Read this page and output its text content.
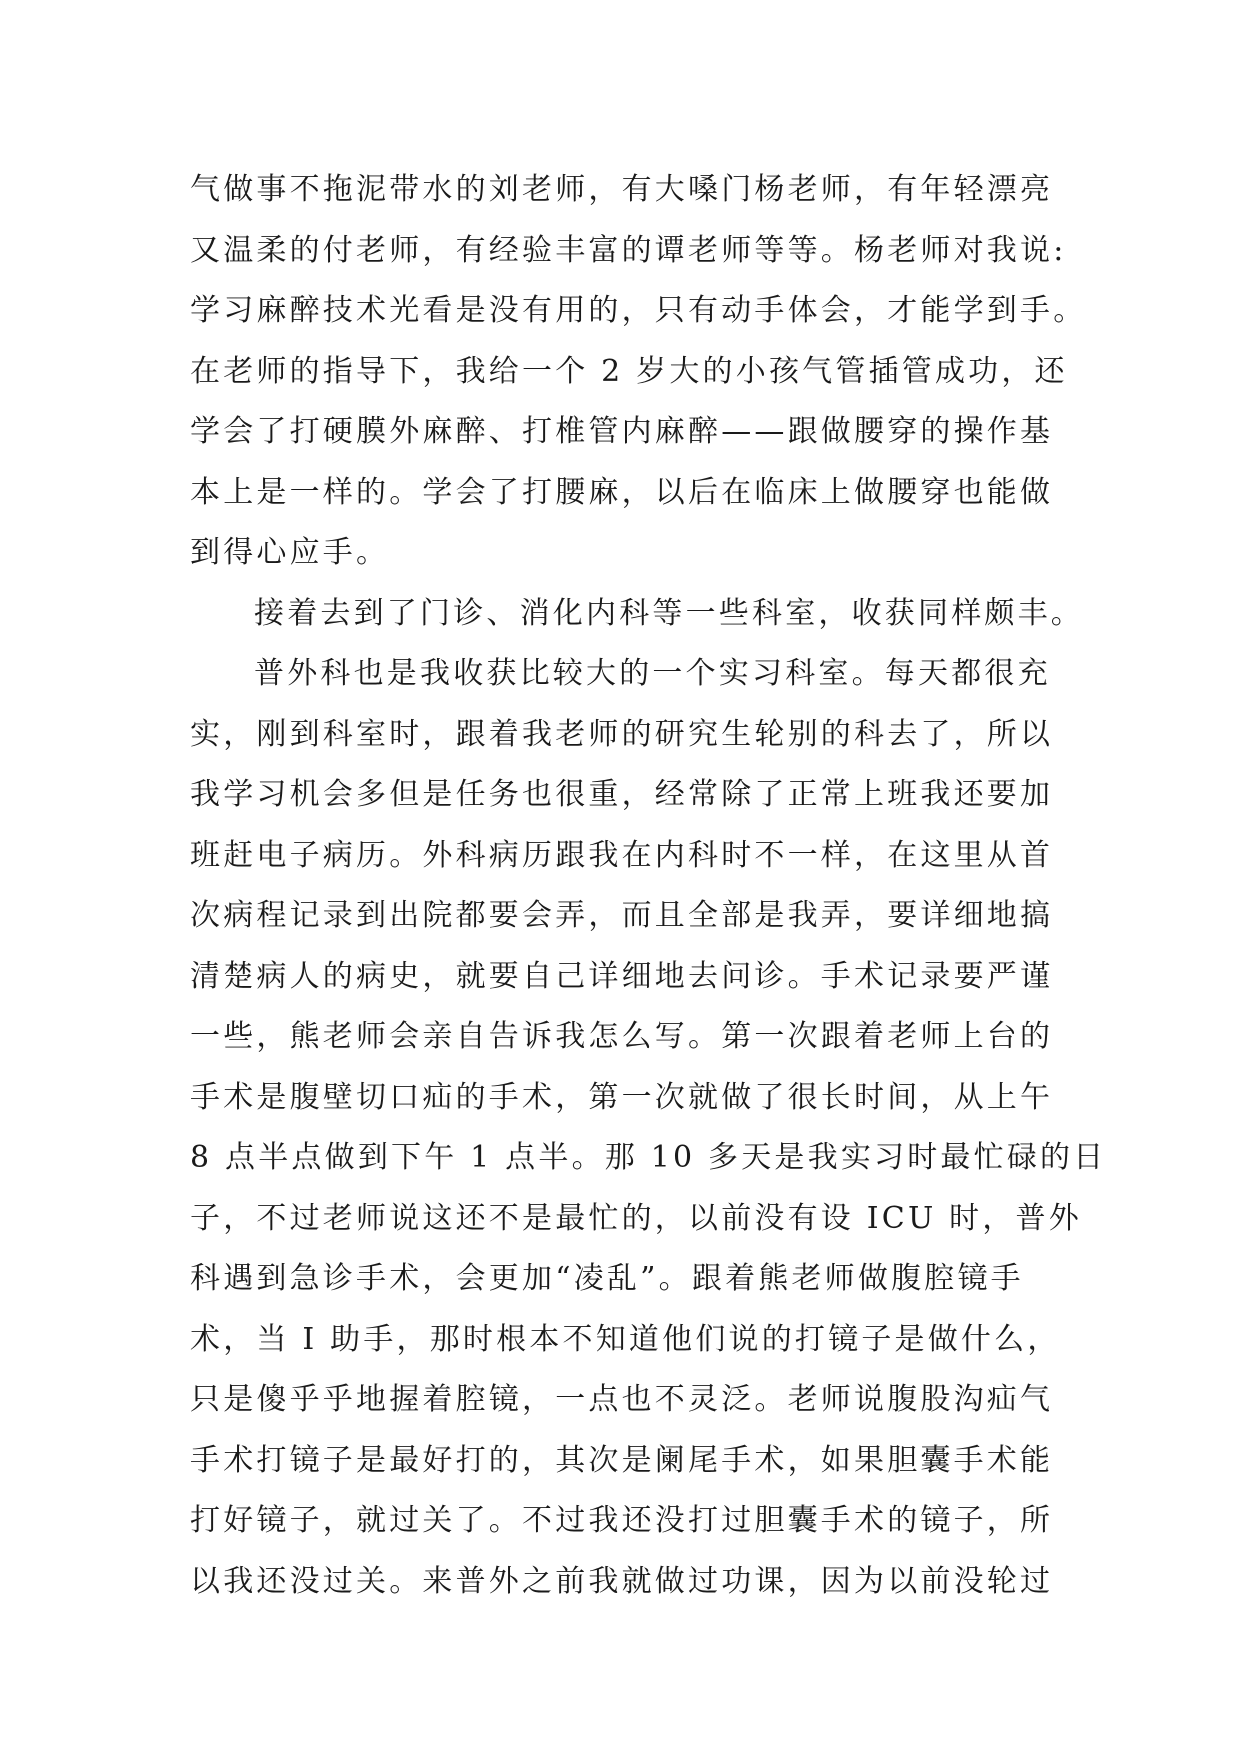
气做事不拖泥带水的刘老师，有大嗓门杨老师，有年轻漂亮
又温柔的付老师，有经验丰富的谭老师等等。杨老师对我说:
学习麻醉技术光看是没有用的，只有动手体会，才能学到手。
在老师的指导下，我给一个 2 岁大的小孩气管插管成功，还
学会了打硬膜外麻醉、打椎管内麻醉——跟做腰穿的操作基
本上是一样的。学会了打腰麻，以后在临床上做腰穿也能做
到得心应手。
接着去到了门诊、消化内科等一些科室，收获同样颇丰。
普外科也是我收获比较大的一个实习科室。每天都很充
实，刚到科室时，跟着我老师的研究生轮别的科去了，所以
我学习机会多但是任务也很重，经常除了正常上班我还要加
班赶电子病历。外科病历跟我在内科时不一样，在这里从首
次病程记录到出院都要会弄，而且全部是我弄，要详细地搞
清楚病人的病史，就要自己详细地去问诊。手术记录要严谨
一些，熊老师会亲自告诉我怎么写。第一次跟着老师上台的
手术是腹壁切口疝的手术，第一次就做了很长时间，从上午
8 点半点做到下午 1 点半。那 10 多天是我实习时最忙碌的日
子，不过老师说这还不是最忙的，以前没有设 ICU 时，普外
科遇到急诊手术，会更加“凌乱”。跟着熊老师做腹腔镜手
术，当 I 助手，那时根本不知道他们说的打镜子是做什么，
只是傻乎乎地握着腔镜，一点也不灵泛。老师说腹股沟疝气
手术打镜子是最好打的，其次是阑尾手术，如果胆囊手术能
打好镜子，就过关了。不过我还没打过胆囊手术的镜子，所
以我还没过关。来普外之前我就做过功课，因为以前没轮过
